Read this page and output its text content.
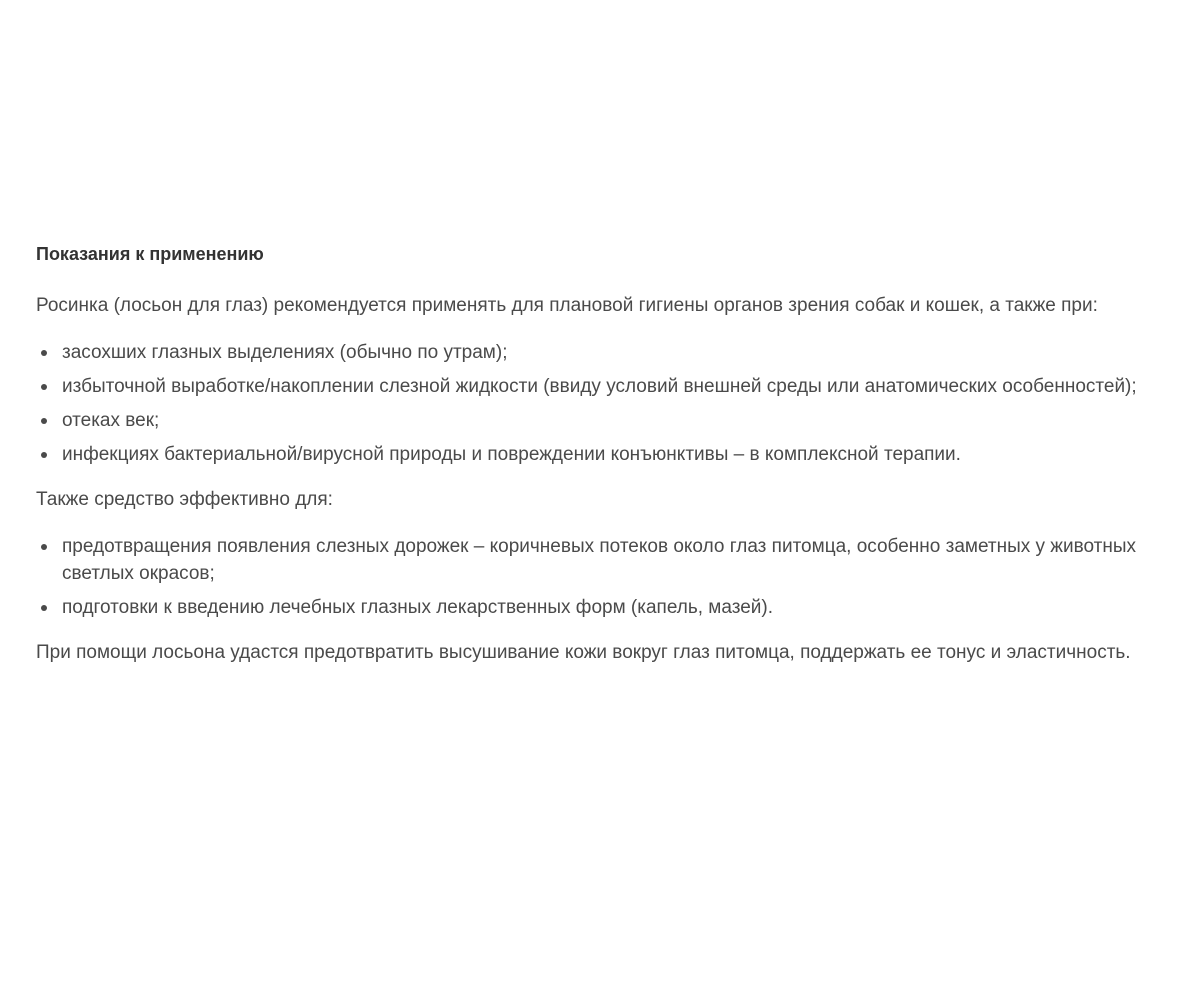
Показания к применению

Росинка (лосьон для глаз) рекомендуется применять для плановой гигиены органов зрения собак и кошек, а также при:

засохших глазных выделениях (обычно по утрам);
избыточной выработке/накоплении слезной жидкости (ввиду условий внешней среды или анатомических особенностей);
отеках век;
инфекциях бактериальной/вирусной природы и повреждении конъюнктивы – в комплексной терапии.

Также средство эффективно для:

предотвращения появления слезных дорожек – коричневых потеков около глаз питомца, особенно заметных у животных светлых окрасов;
подготовки к введению лечебных глазных лекарственных форм (капель, мазей).

При помощи лосьона удастся предотвратить высушивание кожи вокруг глаз питомца, поддержать ее тонус и эластичность.
